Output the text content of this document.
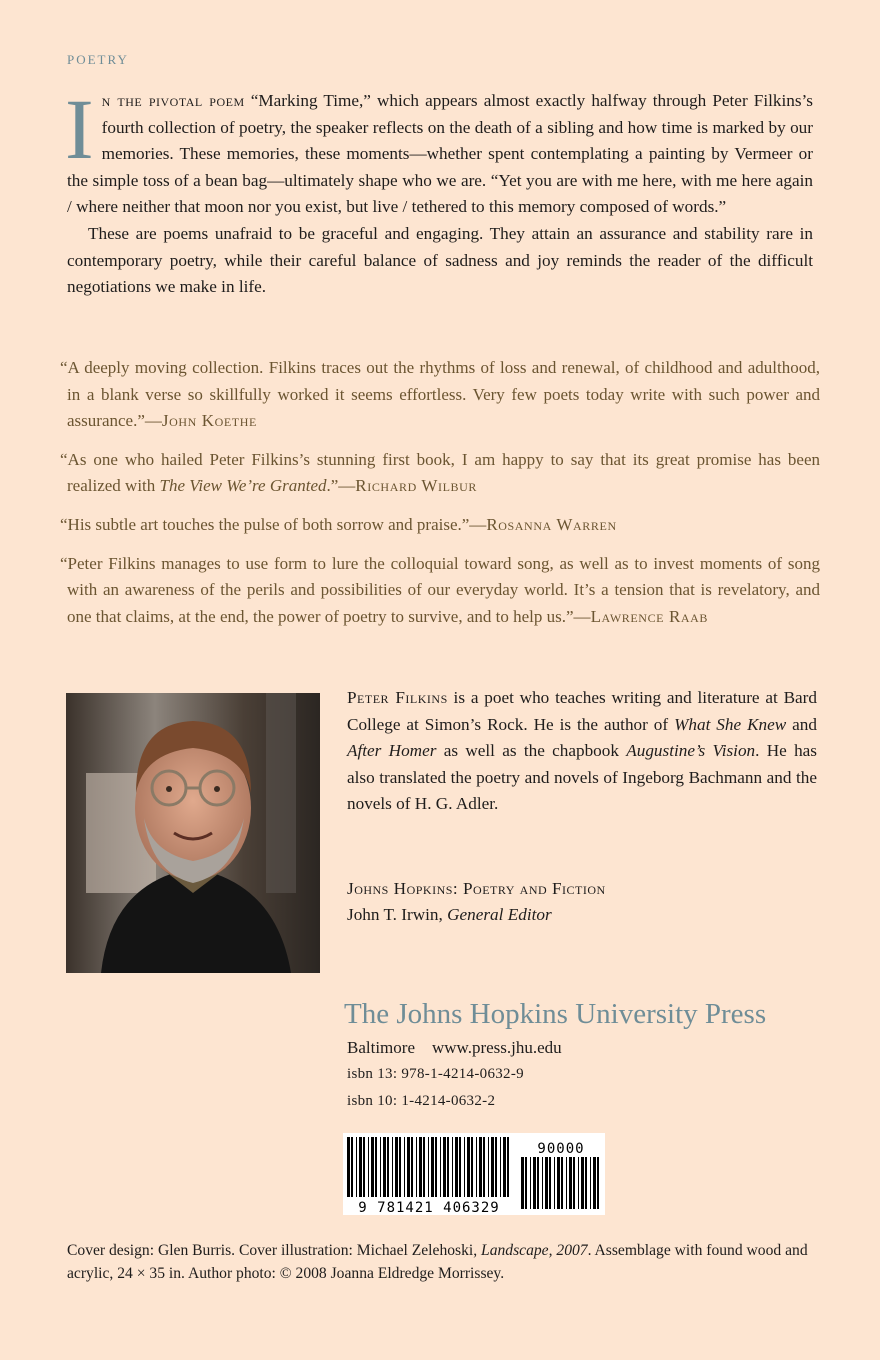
POETRY

In the pivotal poem “Marking Time,” which appears almost exactly halfway through Peter Filkins’s fourth collection of poetry, the speaker reflects on the death of a sibling and how time is marked by our memories. These memories, these moments—whether spent contemplating a painting by Vermeer or the simple toss of a bean bag—ultimately shape who we are. “Yet you are with me here, with me here again / where neither that moon nor you exist, but live / tethered to this memory composed of words.”

These are poems unafraid to be graceful and engaging. They attain an assurance and stability rare in contemporary poetry, while their careful balance of sadness and joy reminds the reader of the difficult negotiations we make in life.

“A deeply moving collection. Filkins traces out the rhythms of loss and renewal, of childhood and adulthood, in a blank verse so skillfully worked it seems effortless. Very few poets today write with such power and assurance.”—John Koethe

“As one who hailed Peter Filkins’s stunning first book, I am happy to say that its great promise has been realized with The View We’re Granted.”—Richard Wilbur

“His subtle art touches the pulse of both sorrow and praise.”—Rosanna Warren

“Peter Filkins manages to use form to lure the colloquial toward song, as well as to invest moments of song with an awareness of the perils and possibilities of our everyday world. It’s a tension that is revelatory, and one that claims, at the end, the power of poetry to survive, and to help us.”—Lawrence Raab

Peter Filkins is a poet who teaches writing and literature at Bard College at Simon’s Rock. He is the author of What She Knew and After Homer as well as the chapbook Augustine’s Vision. He has also translated the poetry and novels of Ingeborg Bachmann and the novels of H. G. Adler.

Johns Hopkins: Poetry and Fiction
John T. Irwin, General Editor
The Johns Hopkins University Press
Baltimore www.press.jhu.edu
isbn 13: 978-1-4214-0632-9
isbn 10: 1-4214-0632-2
9 781421 406329
90000
Cover design: Glen Burris. Cover illustration: Michael Zelehoski, Landscape, 2007. Assemblage with found wood and acrylic, 24 × 35 in. Author photo: © 2008 Joanna Eldredge Morrissey.
